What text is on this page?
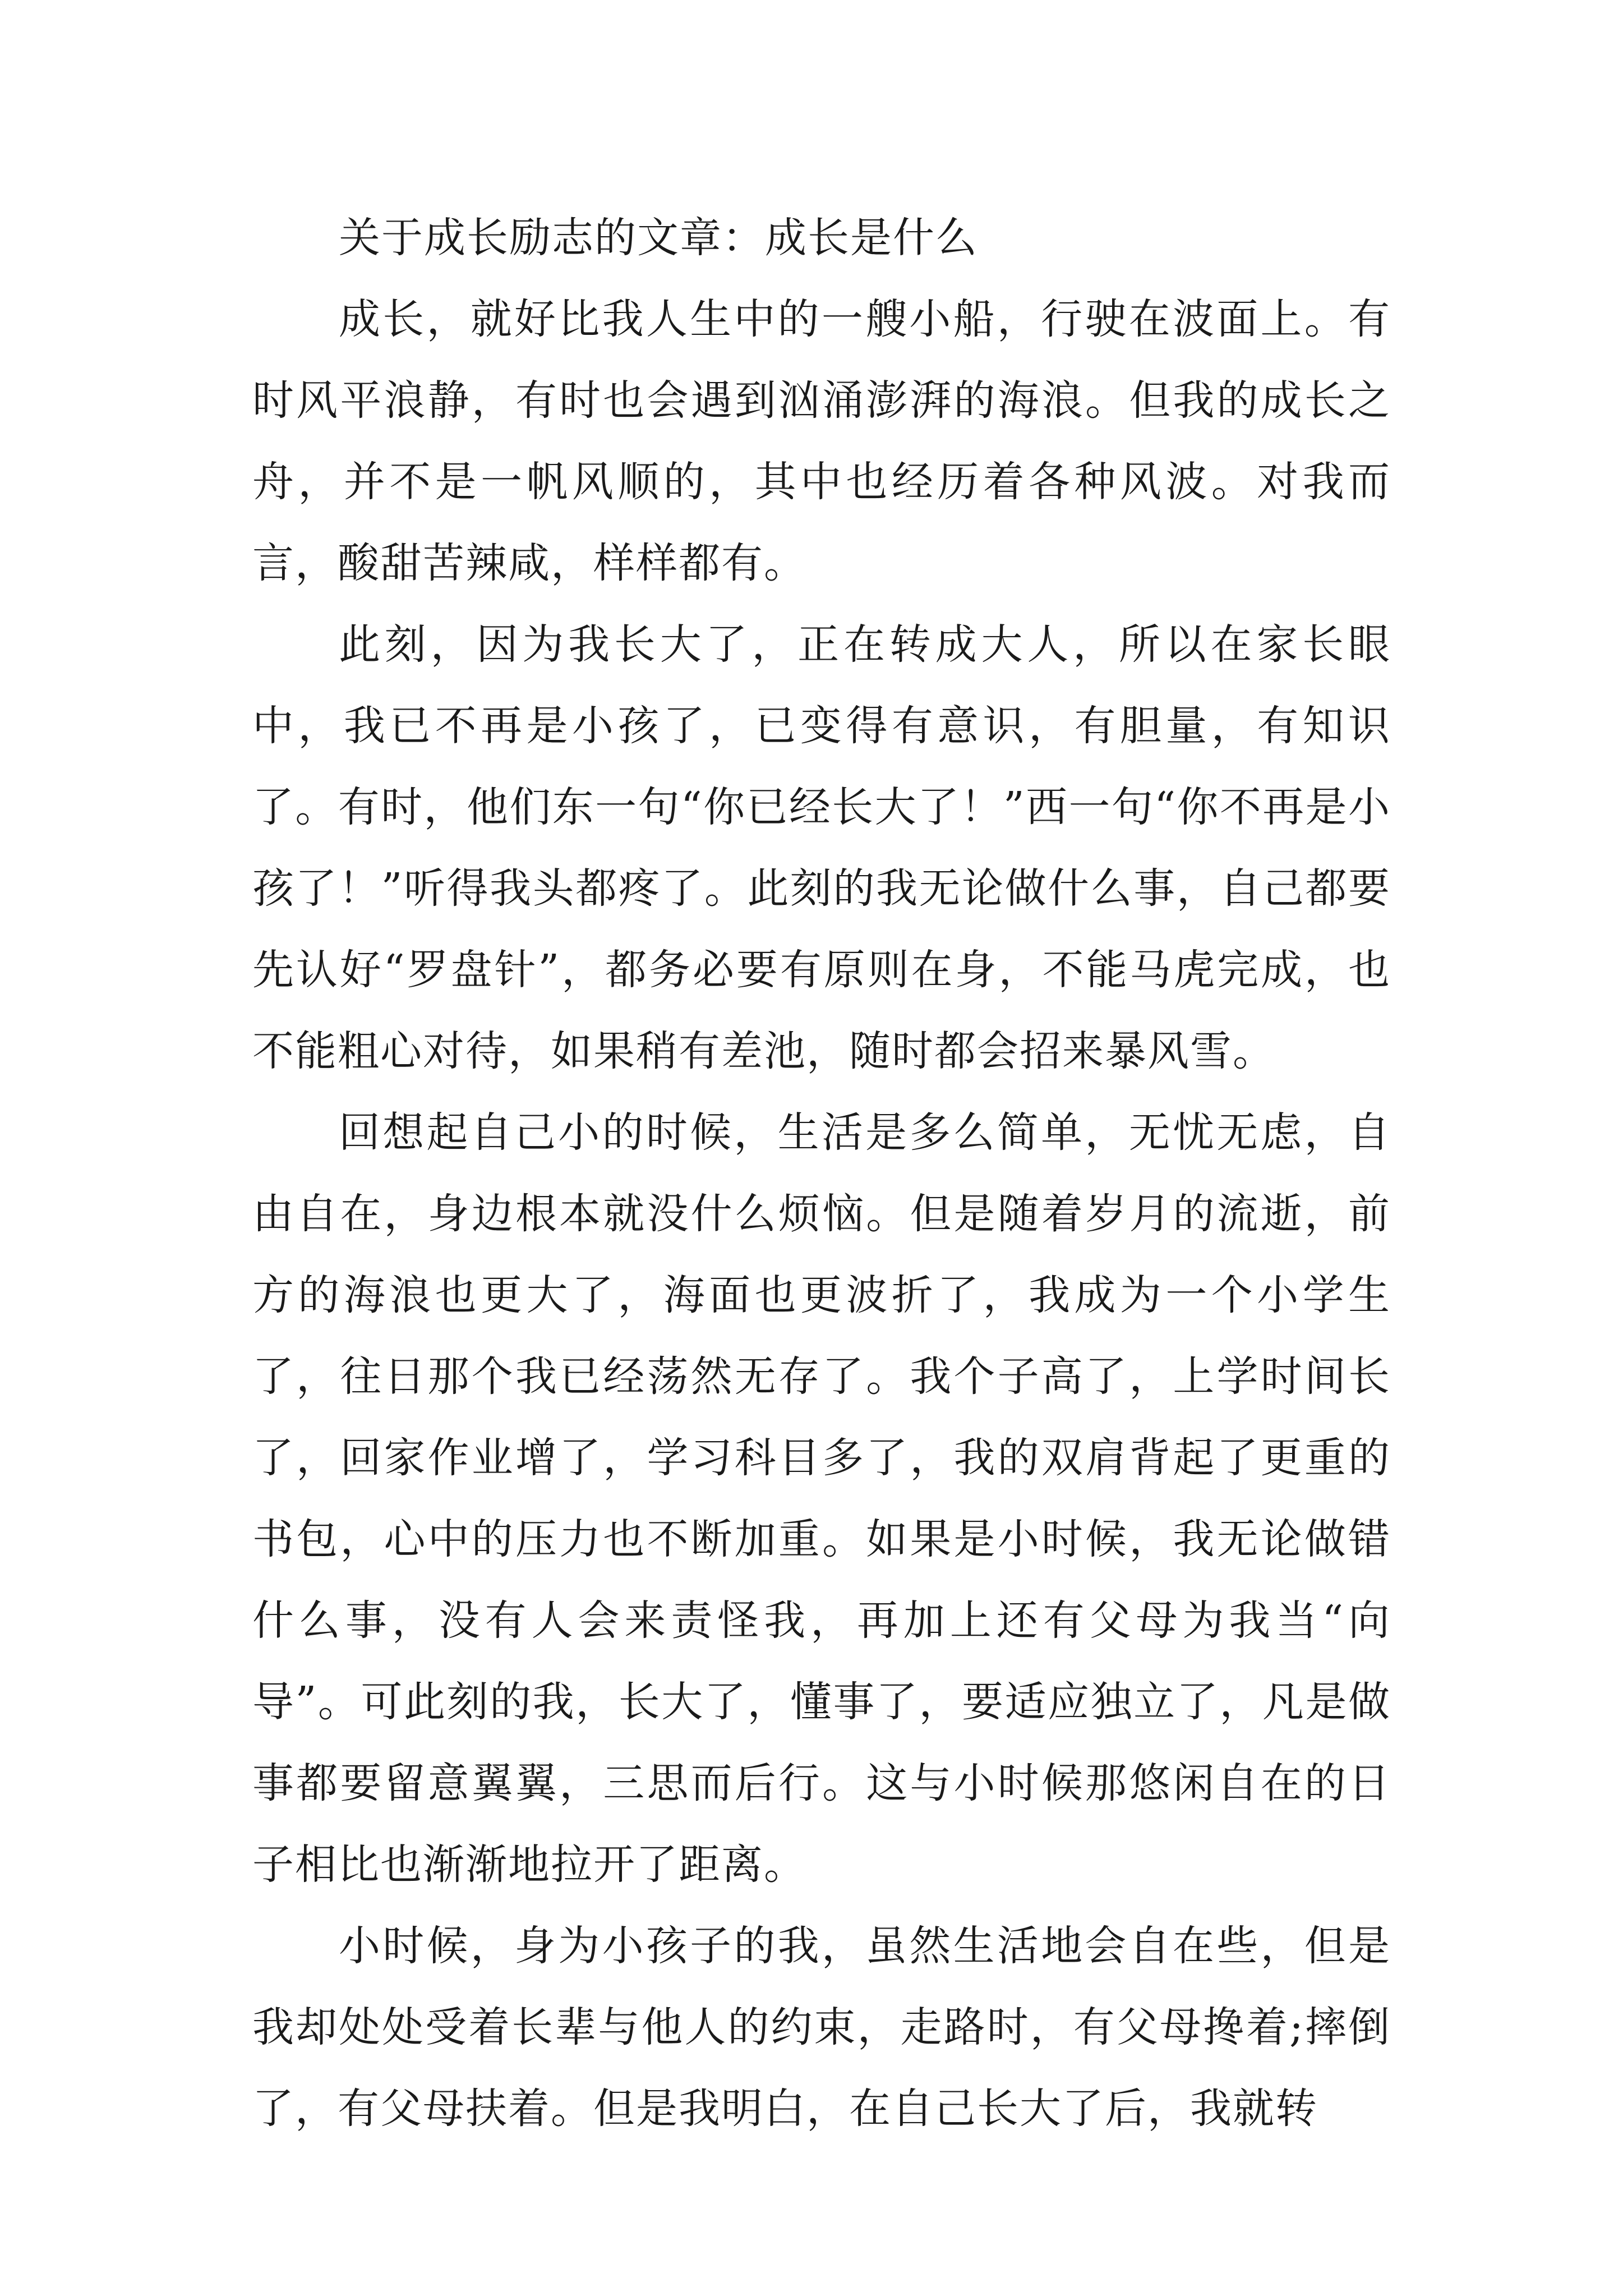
关于成长励志的文章：成长是什么

成长，就好比我人生中的一艘小船，行驶在波面上。有时风平浪静，有时也会遇到汹涌澎湃的海浪。但我的成长之舟，并不是一帆风顺的，其中也经历着各种风波。对我而言，酸甜苦辣咸，样样都有。

此刻，因为我长大了，正在转成大人，所以在家长眼中，我已不再是小孩了，已变得有意识，有胆量，有知识了。有时，他们东一句“你已经长大了！”西一句“你不再是小孩了！”听得我头都疼了。此刻的我无论做什么事，自己都要先认好“罗盘针”，都务必要有原则在身，不能马虎完成，也不能粗心对待，如果稍有差池，随时都会招来暴风雪。

回想起自己小的时候，生活是多么简单，无忧无虑，自由自在，身边根本就没什么烦恼。但是随着岁月的流逝，前方的海浪也更大了，海面也更波折了，我成为一个小学生了，往日那个我已经荡然无存了。我个子高了，上学时间长了，回家作业增了，学习科目多了，我的双肩背起了更重的书包，心中的压力也不断加重。如果是小时候，我无论做错什么事，没有人会来责怪我，再加上还有父母为我当“向导”。可此刻的我，长大了，懂事了，要适应独立了，凡是做事都要留意翼翼，三思而后行。这与小时候那悠闲自在的日子相比也渐渐地拉开了距离。

小时候，身为小孩子的我，虽然生活地会自在些，但是我却处处受着长辈与他人的约束，走路时，有父母搀着;摔倒了，有父母扶着。但是我明白，在自己长大了后，我就转
